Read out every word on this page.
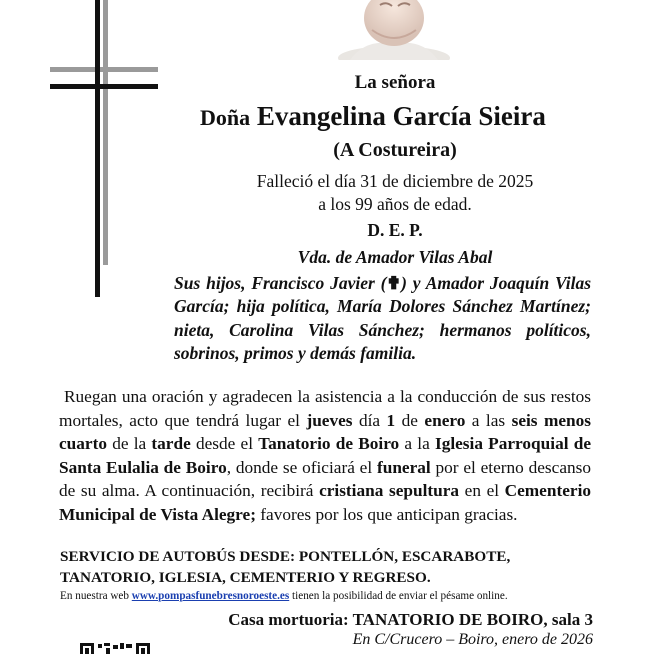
La señora
Doña Evangelina García Sieira
(A Costureira)
Falleció el día 31 de diciembre de 2025
a los 99 años de edad.
D. E. P.
Vda. de Amador Vilas Abal
Sus hijos, Francisco Javier (✟) y Amador Joaquín Vilas García; hija política, María Dolores Sánchez Martínez; nieta, Carolina Vilas Sánchez; hermanos políticos, sobrinos, primos y demás familia.
Ruegan una oración y agradecen la asistencia a la conducción de sus restos mortales, acto que tendrá lugar el jueves día 1 de enero a las seis menos cuarto de la tarde desde el Tanatorio de Boiro a la Iglesia Parroquial de Santa Eulalia de Boiro, donde se oficiará el funeral por el eterno descanso de su alma. A continuación, recibirá cristiana sepultura en el Cementerio Municipal de Vista Alegre; favores por los que anticipan gracias.
SERVICIO DE AUTOBÚS DESDE: PONTELLÓN, ESCARABOTE,
TANATORIO, IGLESIA, CEMENTERIO Y REGRESO.
En nuestra web www.pompasfunebresnoroeste.es tienen la posibilidad de enviar el pésame online.
Casa mortuoria: TANATORIO DE BOIRO, sala 3
En C/Crucero – Boiro, enero de 2026
